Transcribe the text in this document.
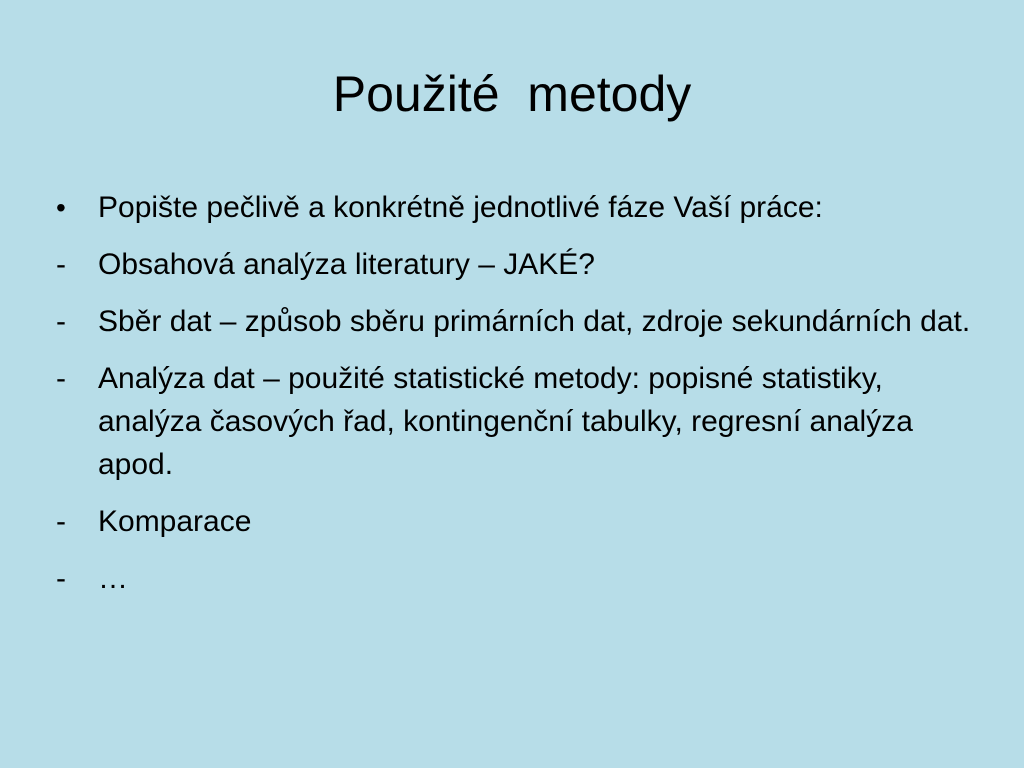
Použité  metody
•	Popište pečlivě a konkrétně jednotlivé fáze Vaší práce:
-	Obsahová analýza literatury – JAKÉ?
-	Sběr dat – způsob sběru primárních dat, zdroje sekundárních dat.
-	Analýza dat – použité statistické metody: popisné statistiky, analýza časových řad, kontingenční tabulky, regresní analýza apod.
-	Komparace
-	…
